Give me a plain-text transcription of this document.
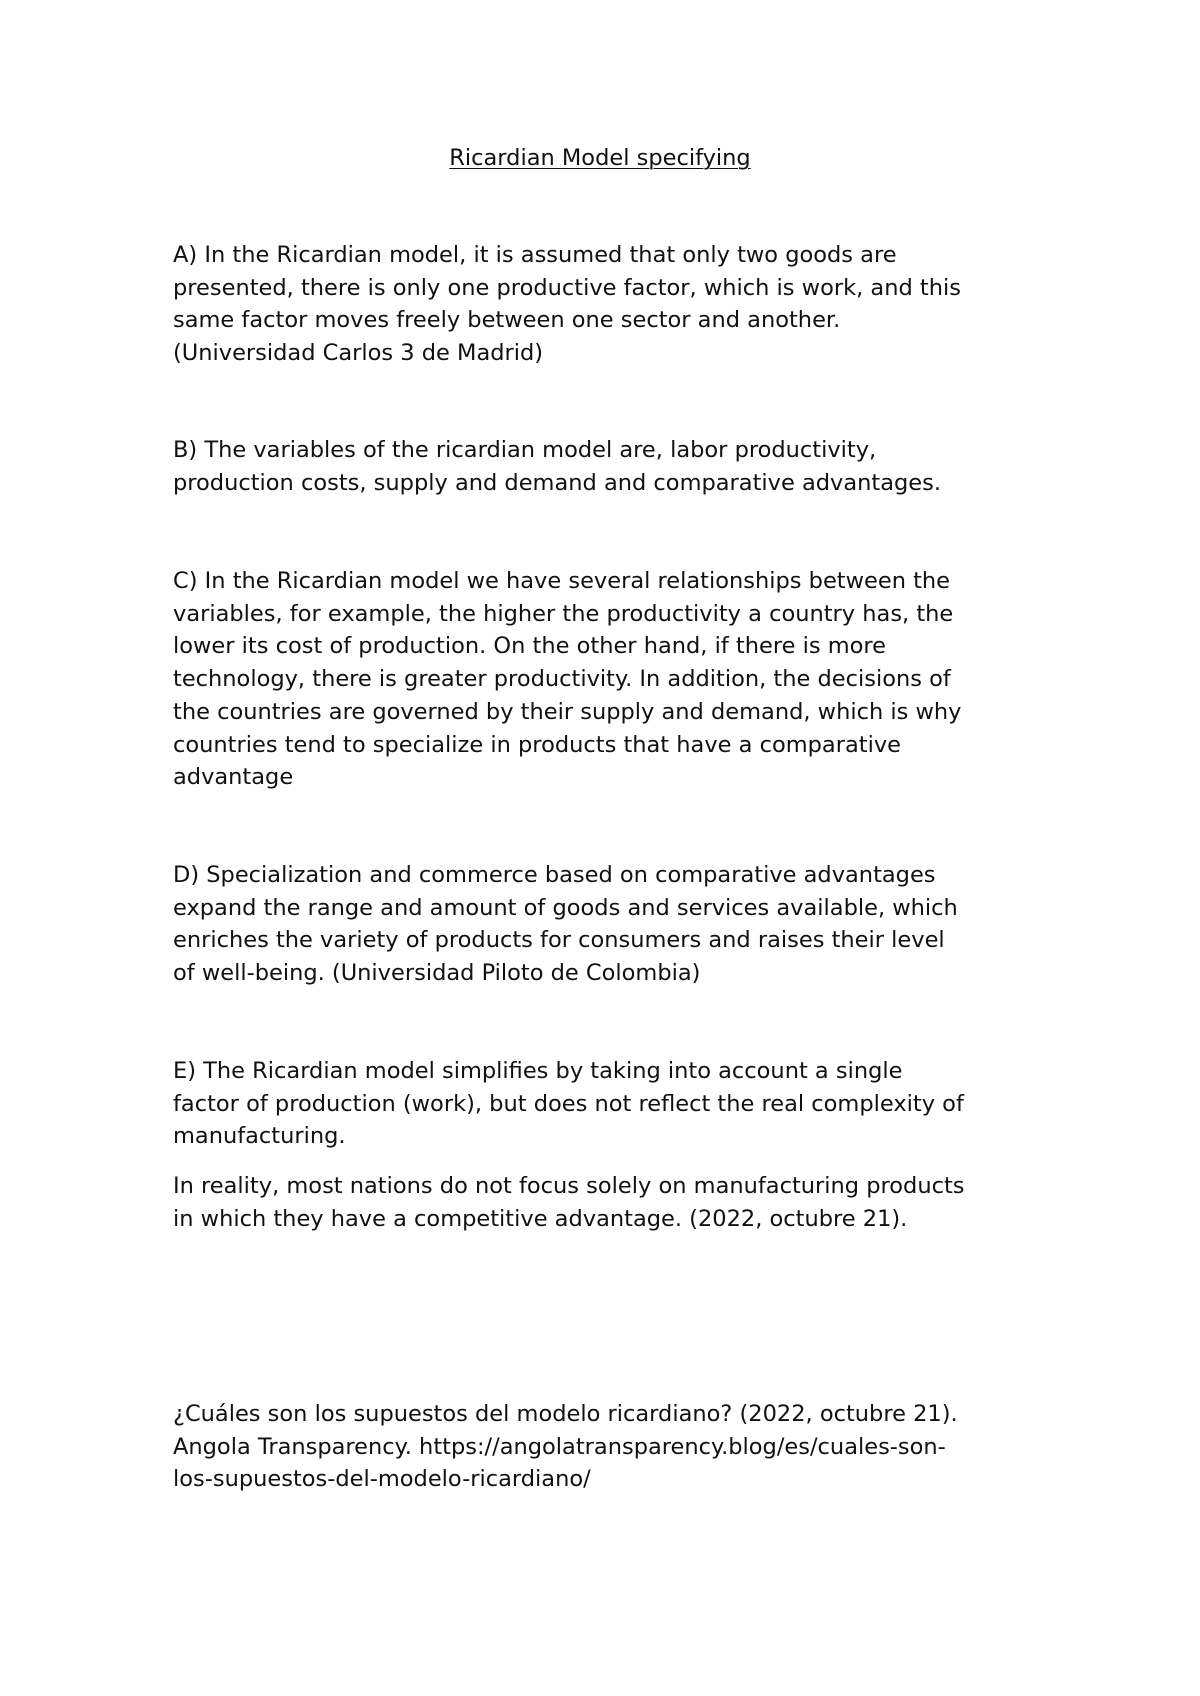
Ricardian Model specifying

A) In the Ricardian model, it is assumed that only two goods are
presented, there is only one productive factor, which is work, and this
same factor moves freely between one sector and another.
(Universidad Carlos 3 de Madrid)

B) The variables of the ricardian model are, labor productivity,
production costs, supply and demand and comparative advantages.

C) In the Ricardian model we have several relationships between the
variables, for example, the higher the productivity a country has, the
lower its cost of production. On the other hand, if there is more
technology, there is greater productivity. In addition, the decisions of
the countries are governed by their supply and demand, which is why
countries tend to specialize in products that have a comparative
advantage

D) Specialization and commerce based on comparative advantages
expand the range and amount of goods and services available, which
enriches the variety of products for consumers and raises their level
of well-being. (Universidad Piloto de Colombia)

E) The Ricardian model simplifies by taking into account a single
factor of production (work), but does not reflect the real complexity of
manufacturing.

In reality, most nations do not focus solely on manufacturing products
in which they have a competitive advantage. (2022, octubre 21).

¿Cuáles son los supuestos del modelo ricardiano? (2022, octubre 21).
Angola Transparency. https://angolatransparency.blog/es/cuales-son-
los-supuestos-del-modelo-ricardiano/
